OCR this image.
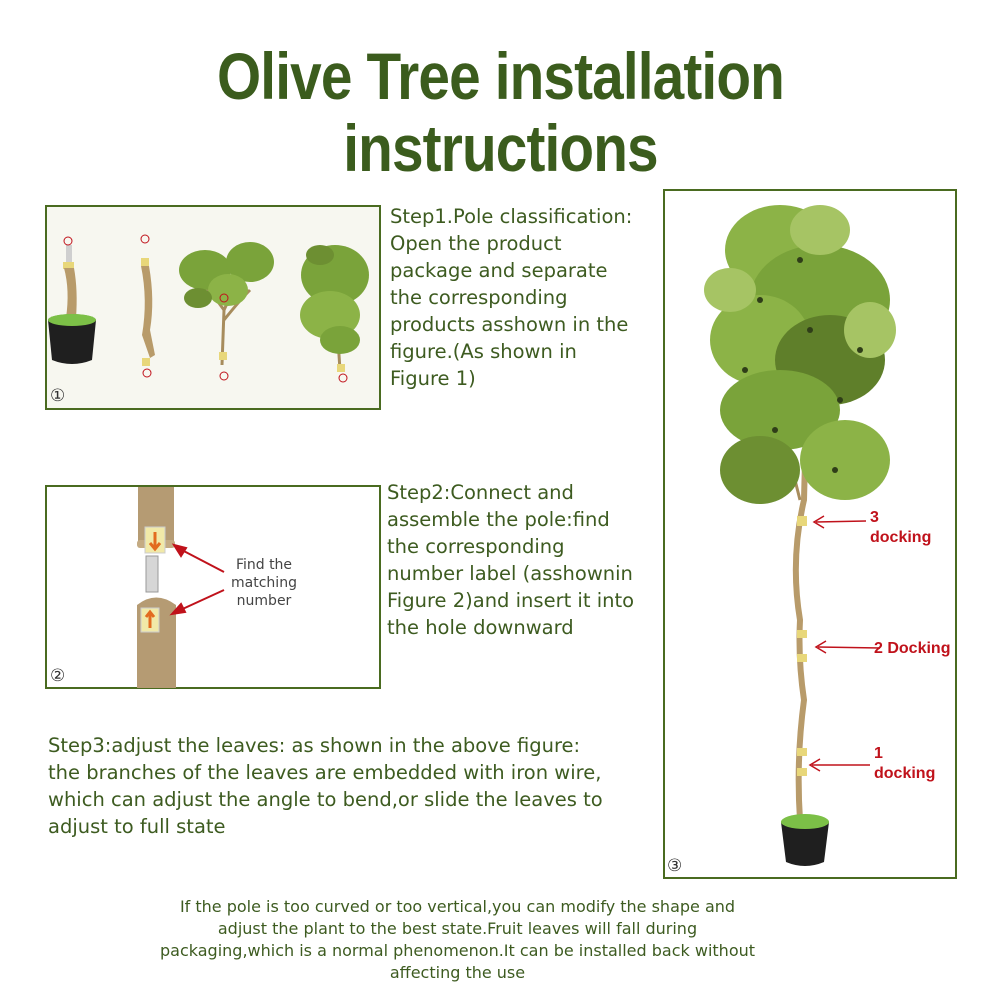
Olive Tree installation
instructions
①
②
③
Find the matching number
3
docking
2 Docking
1
docking
Step1.Pole classification:
Open the product
package and separate
the corresponding
products asshown in the
figure.(As shown in
Figure 1)
Step2:Connect and
assemble the pole:find
the corresponding
number label (asshownin
Figure 2)and insert it into
the hole downward
Step3:adjust the leaves: as shown in the above figure:
the branches of the leaves are embedded with iron wire,
which can adjust the angle to bend,or slide the leaves to
adjust to full state
If the pole is too curved or too vertical,you can modify the shape and adjust the plant to the best state.Fruit leaves will fall during packaging,which is a normal phenomenon.It can be installed back without affecting the use
